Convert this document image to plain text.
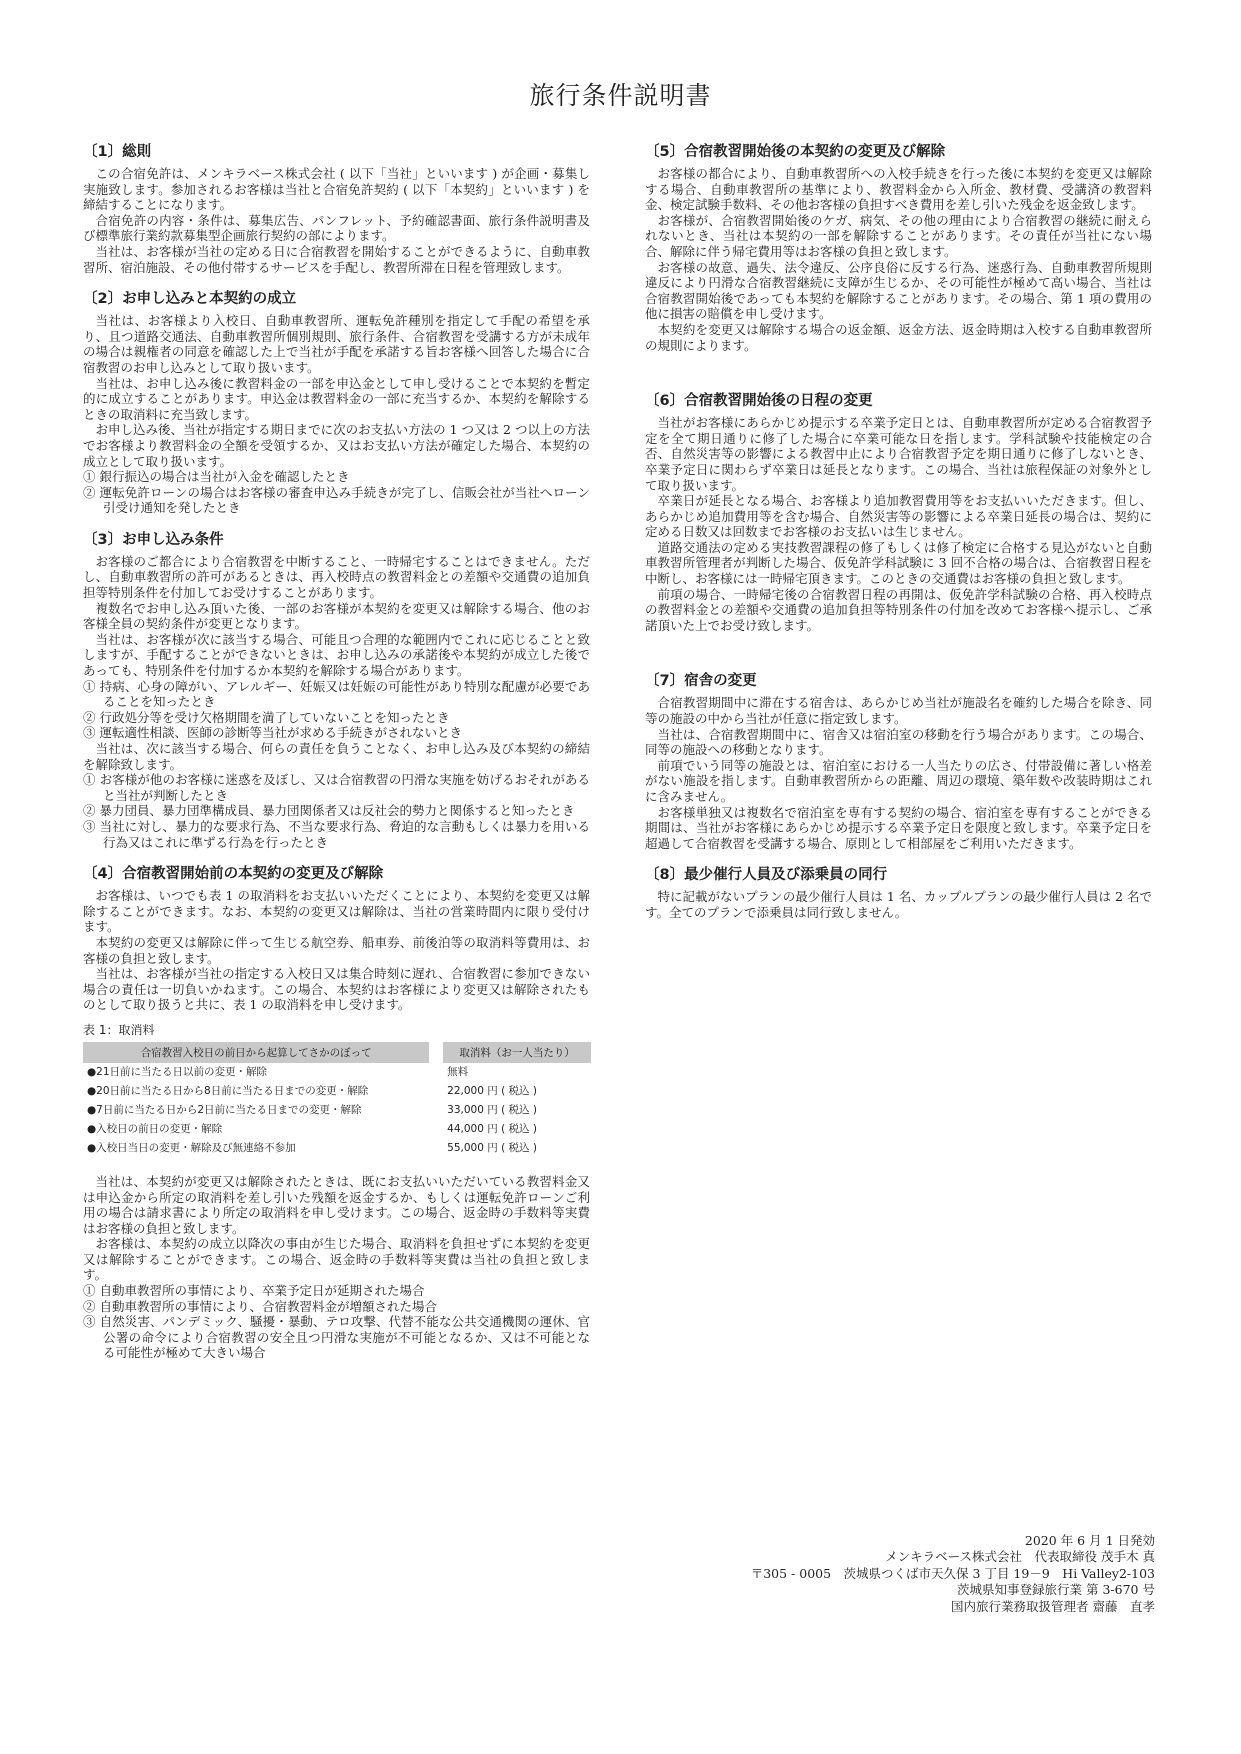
旅行条件説明書
〔1〕総則

この合宿免許は、メンキラベース株式会社 ( 以下「当社」といいます ) が企画・募集し実施致します。参加されるお客様は当社と合宿免許契約 ( 以下「本契約」といいます ) を締結することになります。

合宿免許の内容・条件は、募集広告、パンフレット、予約確認書面、旅行条件説明書及び標準旅行業約款募集型企画旅行契約の部によります。

当社は、お客様が当社の定める日に合宿教習を開始することができるように、自動車教習所、宿泊施設、その他付帯するサービスを手配し、教習所滞在日程を管理致します。

〔2〕お申し込みと本契約の成立

当社は、お客様より入校日、自動車教習所、運転免許種別を指定して手配の希望を承り、且つ道路交通法、自動車教習所個別規則、旅行条件、合宿教習を受講する方が未成年の場合は親権者の同意を確認した上で当社が手配を承諾する旨お客様へ回答した場合に合宿教習のお申し込みとして取り扱います。

当社は、お申し込み後に教習料金の一部を申込金として申し受けることで本契約を暫定的に成立することがあります。申込金は教習料金の一部に充当するか、本契約を解除するときの取消料に充当致します。

お申し込み後、当社が指定する期日までに次のお支払い方法の 1 つ又は 2 つ以上の方法でお客様より教習料金の全額を受領するか、又はお支払い方法が確定した場合、本契約の成立として取り扱います。

① 銀行振込の場合は当社が入金を確認したとき
② 運転免許ローンの場合はお客様の審査申込み手続きが完了し、信販会社が当社へローン引受け通知を発したとき
〔3〕お申し込み条件

お客様のご都合により合宿教習を中断すること、一時帰宅することはできません。ただし、自動車教習所の許可があるときは、再入校時点の教習料金との差額や交通費の追加負担等特別条件を付加してお受けすることがあります。

複数名でお申し込み頂いた後、一部のお客様が本契約を変更又は解除する場合、他のお客様全員の契約条件が変更となります。

当社は、お客様が次に該当する場合、可能且つ合理的な範囲内でこれに応じることと致しますが、手配することができないときは、お申し込みの承諾後や本契約が成立した後であっても、特別条件を付加するか本契約を解除する場合があります。

① 持病、心身の障がい、アレルギー、妊娠又は妊娠の可能性があり特別な配慮が必要であることを知ったとき
② 行政処分等を受け欠格期間を満了していないことを知ったとき
③ 運転適性相談、医師の診断等当社が求める手続きがされないとき

当社は、次に該当する場合、何らの責任を負うことなく、お申し込み及び本契約の締結を解除致します。

① お客様が他のお客様に迷惑を及ぼし、又は合宿教習の円滑な実施を妨げるおそれがあると当社が判断したとき
② 暴力団員、暴力団準構成員、暴力団関係者又は反社会的勢力と関係すると知ったとき
③ 当社に対し、暴力的な要求行為、不当な要求行為、脅迫的な言動もしくは暴力を用いる行為又はこれに準ずる行為を行ったとき
〔4〕合宿教習開始前の本契約の変更及び解除

お客様は、いつでも表 1 の取消料をお支払いいただくことにより、本契約を変更又は解除することができます。なお、本契約の変更又は解除は、当社の営業時間内に限り受付けます。

本契約の変更又は解除に伴って生じる航空券、船車券、前後泊等の取消料等費用は、お客様の負担と致します。

当社は、お客様が当社の指定する入校日又は集合時刻に遅れ、合宿教習に参加できない場合の責任は一切負いかねます。この場合、本契約はお客様により変更又は解除されたものとして取り扱うと共に、表 1 の取消料を申し受けます。

表 1：取消料
合宿教習入校日の前日から起算してさかのぼって		取消料（お一人当たり）
●21日前に当たる日以前の変更・解除		無料
●20日前に当たる日から8日前に当たる日までの変更・解除		22,000 円 ( 税込 )
●7日前に当たる日から2日前に当たる日までの変更・解除		33,000 円 ( 税込 )
●入校日の前日の変更・解除		44,000 円 ( 税込 )
●入校日当日の変更・解除及び無連絡不参加		55,000 円 ( 税込 )

当社は、本契約が変更又は解除されたときは、既にお支払いいただいている教習料金又は申込金から所定の取消料を差し引いた残額を返金するか、もしくは運転免許ローンご利用の場合は請求書により所定の取消料を申し受けます。この場合、返金時の手数料等実費はお客様の負担と致します。

お客様は、本契約の成立以降次の事由が生じた場合、取消料を負担せずに本契約を変更又は解除することができます。この場合、返金時の手数料等実費は当社の負担と致します。

① 自動車教習所の事情により、卒業予定日が延期された場合
② 自動車教習所の事情により、合宿教習料金が増額された場合
③ 自然災害、パンデミック、騒擾・暴動、テロ攻撃、代替不能な公共交通機関の運休、官公署の命令により合宿教習の安全且つ円滑な実施が不可能となるか、又は不可能となる可能性が極めて大きい場合
〔5〕合宿教習開始後の本契約の変更及び解除

お客様の都合により、自動車教習所への入校手続きを行った後に本契約を変更又は解除する場合、自動車教習所の基準により、教習料金から入所金、教材費、受講済の教習料金、検定試験手数料、その他お客様の負担すべき費用を差し引いた残金を返金致します。

お客様が、合宿教習開始後のケガ、病気、その他の理由により合宿教習の継続に耐えられないとき、当社は本契約の一部を解除することがあります。その責任が当社にない場合、解除に伴う帰宅費用等はお客様の負担と致します。

お客様の故意、過失、法令違反、公序良俗に反する行為、迷惑行為、自動車教習所規則違反により円滑な合宿教習継続に支障が生じるか、その可能性が極めて高い場合、当社は合宿教習開始後であっても本契約を解除することがあります。その場合、第 1 項の費用の他に損害の賠償を申し受けます。

本契約を変更又は解除する場合の返金額、返金方法、返金時期は入校する自動車教習所の規則によります。

〔6〕合宿教習開始後の日程の変更

当社がお客様にあらかじめ提示する卒業予定日とは、自動車教習所が定める合宿教習予定を全て期日通りに修了した場合に卒業可能な日を指します。学科試験や技能検定の合否、自然災害等の影響による教習中止により合宿教習予定を期日通りに修了しないとき、卒業予定日に関わらず卒業日は延長となります。この場合、当社は旅程保証の対象外として取り扱います。

卒業日が延長となる場合、お客様より追加教習費用等をお支払いいただきます。但し、あらかじめ追加費用等を含む場合、自然災害等の影響による卒業日延長の場合は、契約に定める日数又は回数までお客様のお支払いは生じません。

道路交通法の定める実技教習課程の修了もしくは修了検定に合格する見込がないと自動車教習所管理者が判断した場合、仮免許学科試験に 3 回不合格の場合は、合宿教習日程を中断し、お客様には一時帰宅頂きます。このときの交通費はお客様の負担と致します。

前項の場合、一時帰宅後の合宿教習日程の再開は、仮免許学科試験の合格、再入校時点の教習料金との差額や交通費の追加負担等特別条件の付加を改めてお客様へ提示し、ご承諾頂いた上でお受け致します。

〔7〕宿舎の変更

合宿教習期間中に滞在する宿舎は、あらかじめ当社が施設名を確約した場合を除き、同等の施設の中から当社が任意に指定致します。

当社は、合宿教習期間中に、宿舎又は宿泊室の移動を行う場合があります。この場合、同等の施設への移動となります。

前項でいう同等の施設とは、宿泊室における一人当たりの広さ、付帯設備に著しい格差がない施設を指します。自動車教習所からの距離、周辺の環境、築年数や改装時期はこれに含みません。

お客様単独又は複数名で宿泊室を専有する契約の場合、宿泊室を専有することができる期間は、当社がお客様にあらかじめ提示する卒業予定日を限度と致します。卒業予定日を超過して合宿教習を受講する場合、原則として相部屋をご利用いただきます。

〔8〕最少催行人員及び添乗員の同行

特に記載がないプランの最少催行人員は 1 名、カップルプランの最少催行人員は 2 名です。全てのプランで添乗員は同行致しません。

2020 年 6 月 1 日発効
メンキラベース株式会社　代表取締役 茂手木 真
〒305 - 0005　茨城県つくば市天久保 3 丁目 19－9　Hi Valley2-103
茨城県知事登録旅行業 第 3-670 号
国内旅行業務取扱管理者 齋藤　直孝
